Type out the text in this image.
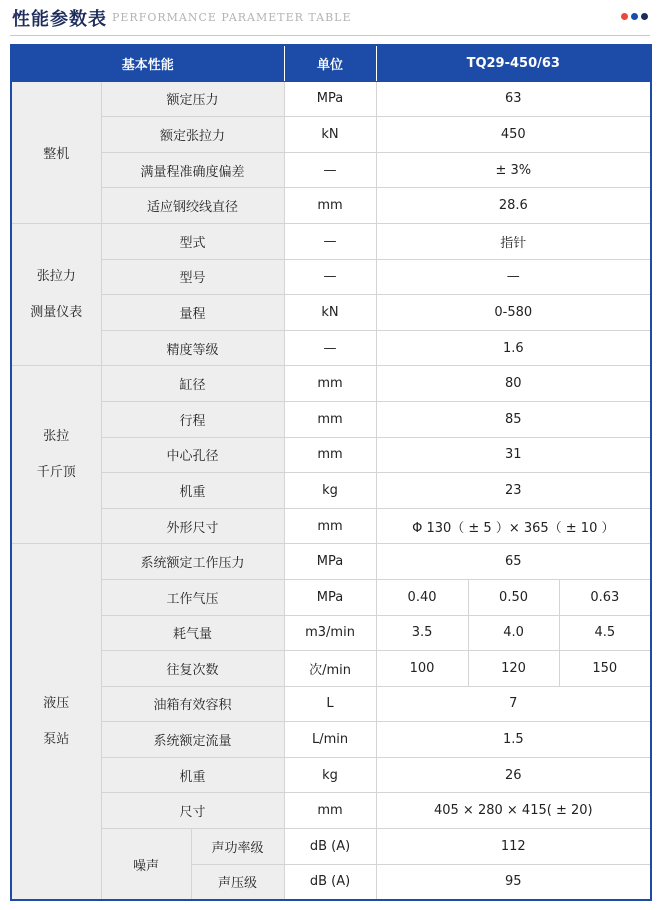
性能参数表 PERFORMANCE PARAMETER TABLE
基本性能			单位	TQ29-450/63		
整机	额定压力		MPa	63		
	额定张拉力		kN	450		
	满量程准确度偏差		—	± 3%		
	适应钢绞线直径		mm	28.6		

张拉力
测量仪表	型式		—	指针		
	型号		—	—		
	量程		kN	0-580		
	精度等级		—	1.6		

张拉
千斤顶	缸径		mm	80		
	行程		mm	85		
	中心孔径		mm	31		
	机重		kg	23		
	外形尺寸		mm	Φ 130（ ± 5 ）× 365（ ± 10 ）		

液压
泵站	系统额定工作压力		MPa	65		
	工作气压		MPa	0.40	0.50	0.63
	耗气量		m3/min	3.5	4.0	4.5
	往复次数		次/min	100	120	150
	油箱有效容积		L	7		
	系统额定流量		L/min	1.5		
	机重		kg	26		
	尺寸		mm	405 × 280 × 415( ± 20)		
	噪声	声功率级	dB (A)	112		
		声压级	dB (A)	95		
